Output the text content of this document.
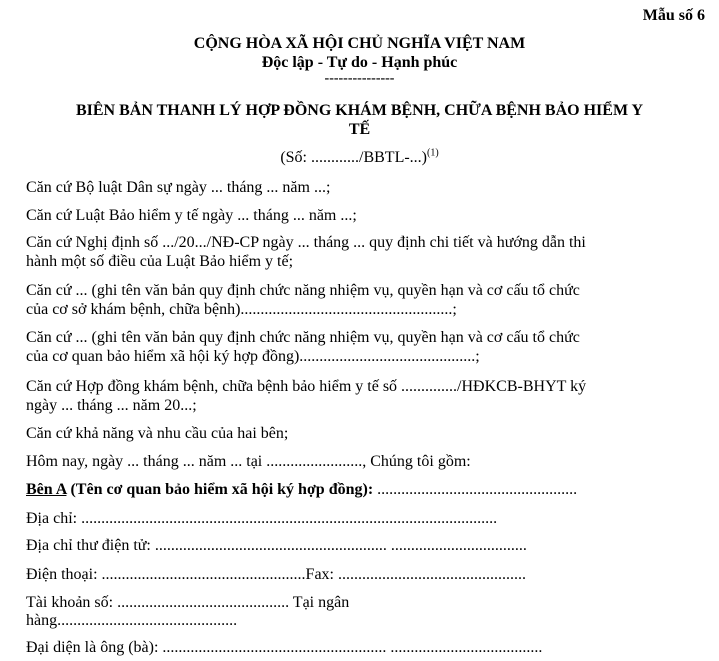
Mẫu số 6
CỘNG HÒA XÃ HỘI CHỦ NGHĨA VIỆT NAM
Độc lập - Tự do - Hạnh phúc
---------------
BIÊN BẢN THANH LÝ HỢP ĐỒNG KHÁM BỆNH, CHỮA BỆNH BẢO HIỂM Y
TẾ
(Số: ............/BBTL-...)$^{(1)}$
Căn cứ Bộ luật Dân sự ngày ... tháng ... năm ...;
Căn cứ Luật Bảo hiểm y tế ngày ... tháng ... năm ...;
Căn cứ Nghị định số .../20.../NĐ-CP ngày ... tháng ... quy định chi tiết và hướng dẫn thi
hành một số điều của Luật Bảo hiểm y tế;
Căn cứ ... (ghi tên văn bản quy định chức năng nhiệm vụ, quyền hạn và cơ cấu tổ chức
của cơ sở khám bệnh, chữa bệnh).....................................................;
Căn cứ ... (ghi tên văn bản quy định chức năng nhiệm vụ, quyền hạn và cơ cấu tổ chức
của cơ quan bảo hiểm xã hội ký hợp đồng)............................................;
Căn cứ Hợp đồng khám bệnh, chữa bệnh bảo hiểm y tế số ............../HĐKCB-BHYT ký
ngày ... tháng ... năm 20...;
Căn cứ khả năng và nhu cầu của hai bên;
Hôm nay, ngày ... tháng ... năm ... tại ........................, Chúng tôi gồm:
Bên A (Tên cơ quan bảo hiểm xã hội ký hợp đồng): ..................................................
Địa chỉ: ........................................................................................................
Địa chỉ thư điện tử: .......................................................... ..................................
Điện thoại: ...................................................Fax: ...............................................
Tài khoản số: ........................................... Tại ngân
hàng.............................................
Đại diện là ông (bà): ........................................................ ......................................
